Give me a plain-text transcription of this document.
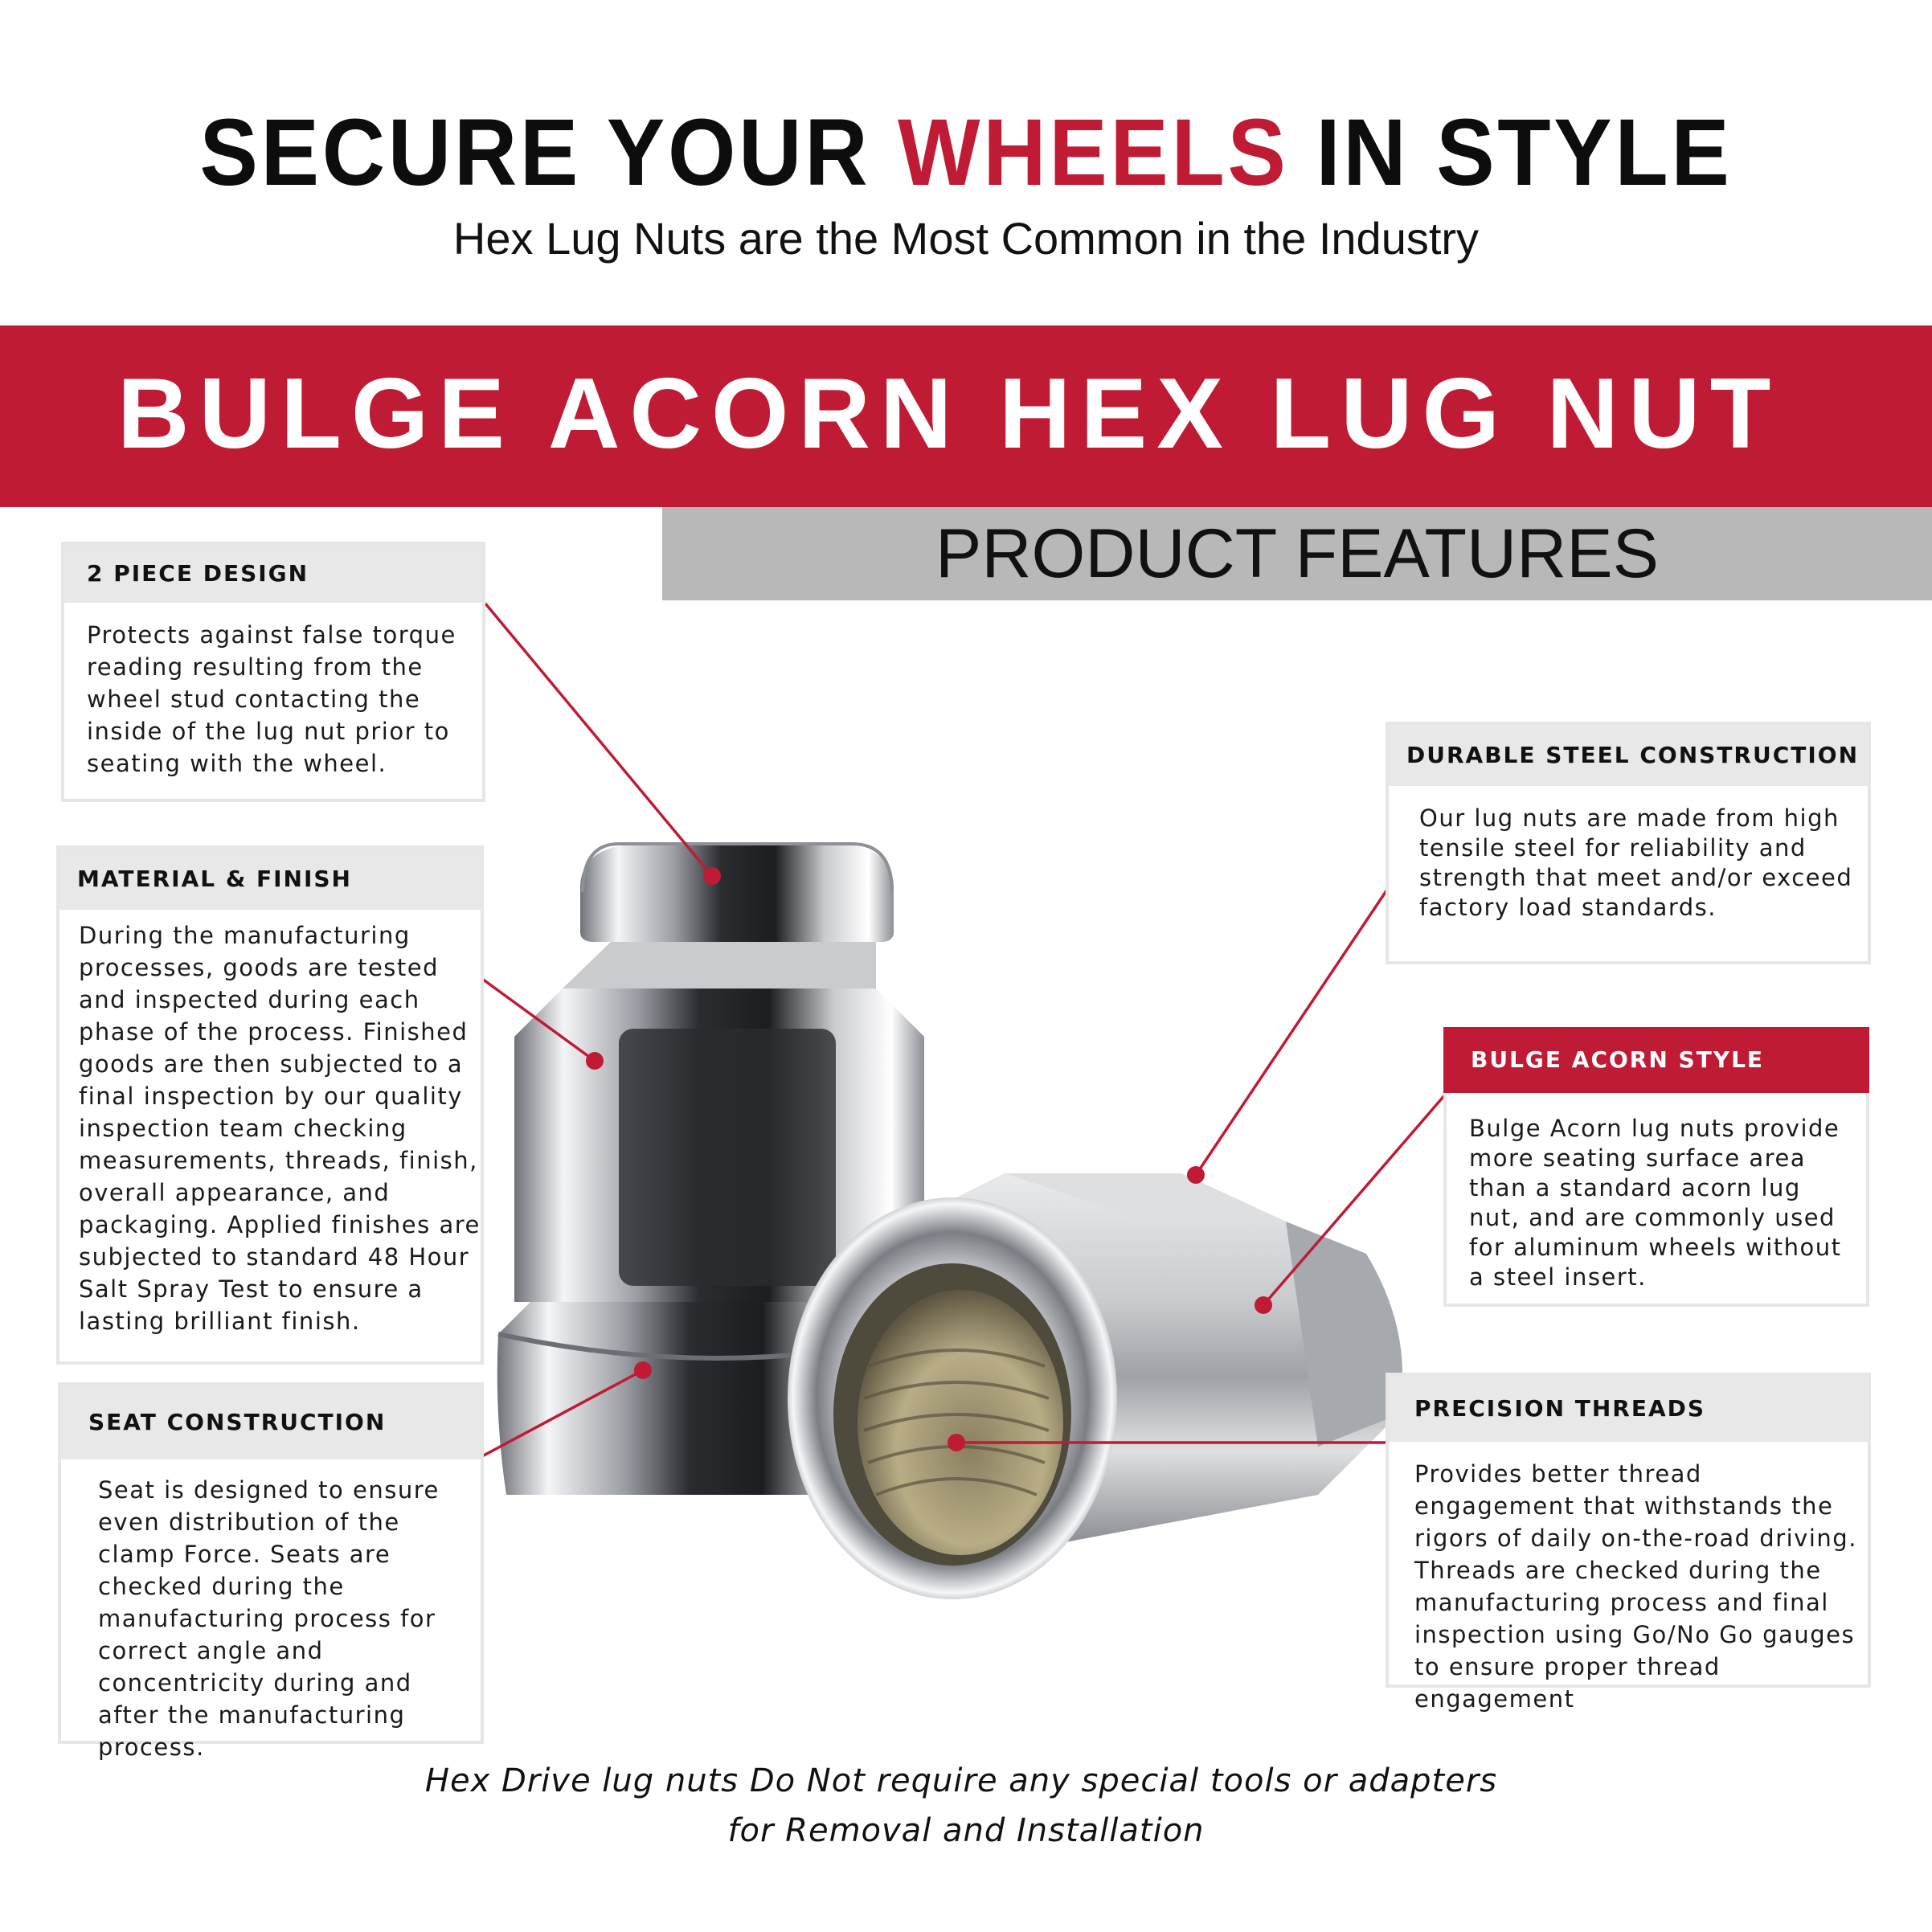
SECURE YOUR WHEELS IN STYLE
Hex Lug Nuts are the Most Common in the Industry
BULGE ACORN HEX LUG NUT
PRODUCT FEATURES
2 PIECE DESIGN
Protects against false torque reading resulting from the wheel stud contacting the inside of the lug nut prior to seating with the wheel.
MATERIAL & FINISH
During the manufacturing processes, goods are tested and inspected during each phase of the process. Finished goods are then subjected to a final inspection by our quality inspection team checking measurements, threads, finish, overall appearance, and packaging. Applied finishes are subjected to standard 48 Hour Salt Spray Test to ensure a lasting brilliant finish.
SEAT CONSTRUCTION
Seat is designed to ensure even distribution of the clamp Force. Seats are checked during the manufacturing process for correct angle and concentricity during and after the manufacturing process.
DURABLE STEEL CONSTRUCTION
Our lug nuts are made from high tensile steel for reliability and strength that meet and/or exceed factory load standards.
BULGE ACORN STYLE
Bulge Acorn lug nuts provide more seating surface area than a standard acorn lug nut, and are commonly used for aluminum wheels without a steel insert.
PRECISION THREADS
Provides better thread engagement that withstands the rigors of daily on-the-road driving. Threads are checked during the manufacturing process and final inspection using Go/No Go gauges to ensure proper thread engagement
Hex Drive lug nuts Do Not require any special tools or adapters
for Removal and Installation
